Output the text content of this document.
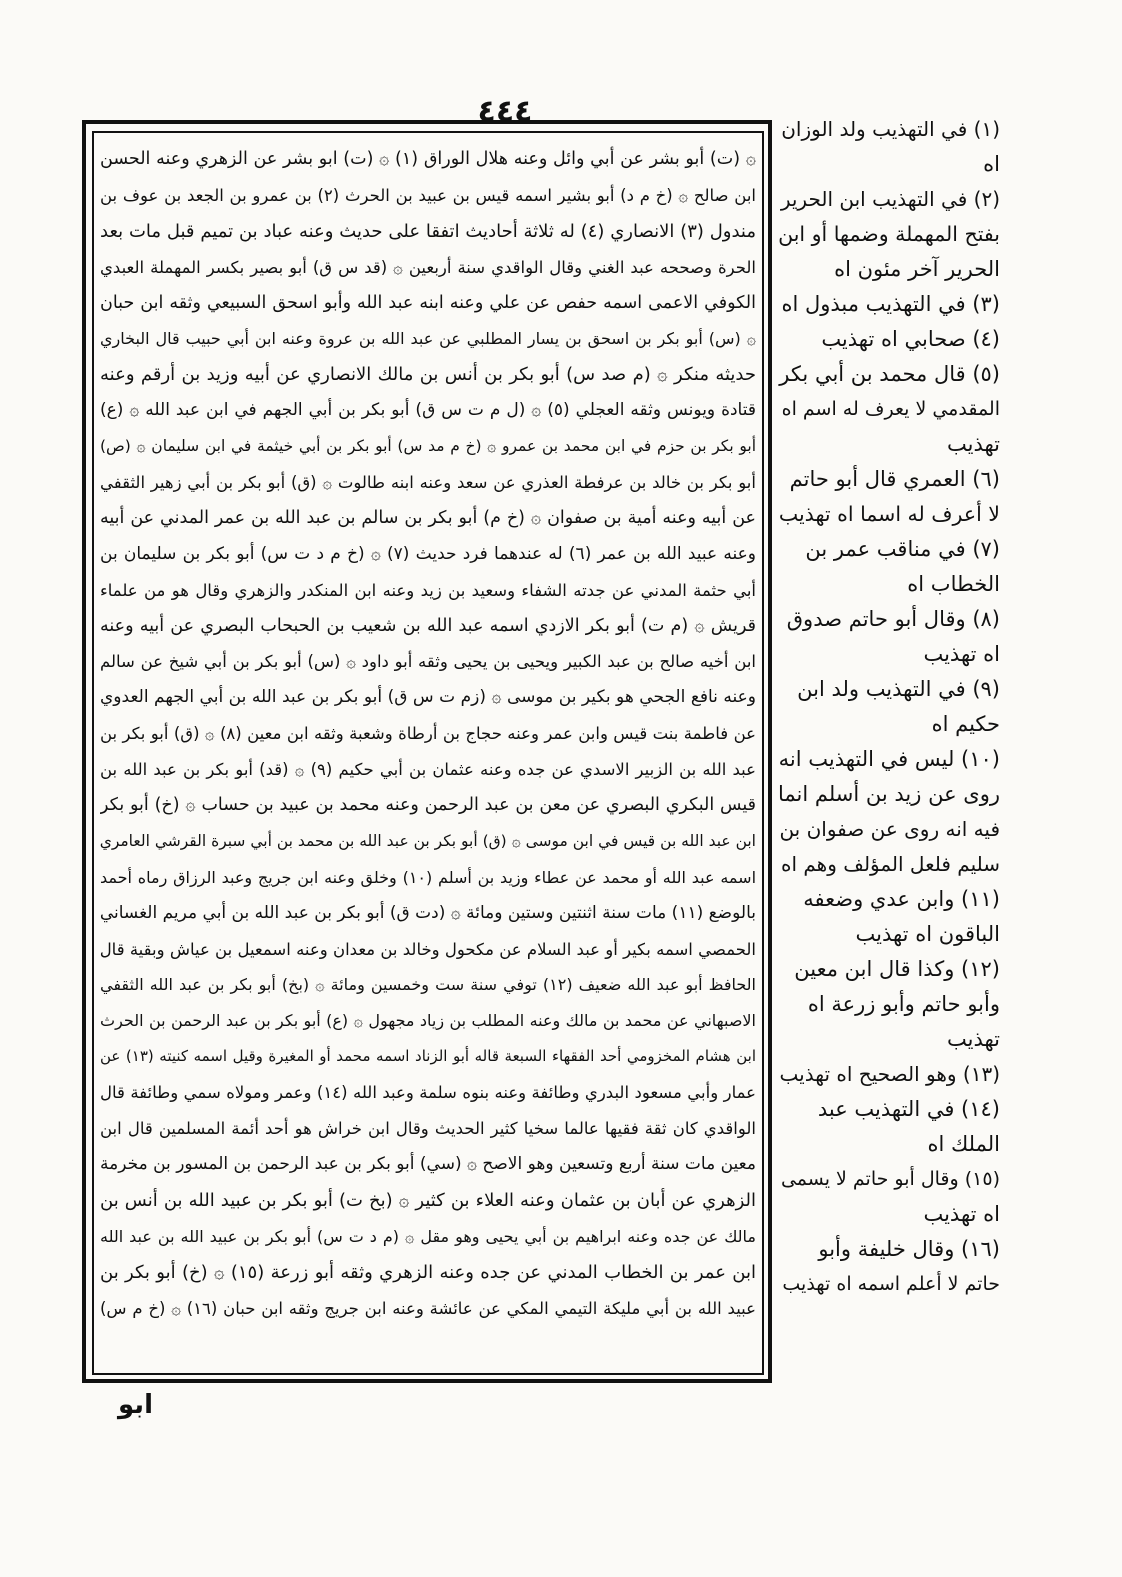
٤٤٤
۞ (ت) أبو بشر عن أبي وائل وعنه هلال الوراق (١) ۞ (ت) ابو بشر عن الزهري وعنه الحسن
ابن صالح ۞ (خ م د) أبو بشير اسمه قيس بن عبيد بن الحرث (٢) بن عمرو بن الجعد بن عوف بن
مندول (٣) الانصاري (٤) له ثلاثة أحاديث اتفقا على حديث وعنه عباد بن تميم قبل مات بعد
الحرة وصححه عبد الغني وقال الواقدي سنة أربعين ۞ (قد س ق) أبو بصير بكسر المهملة العبدي
الكوفي الاعمى اسمه حفص عن علي وعنه ابنه عبد الله وأبو اسحق السبيعي وثقه ابن حبان
۞ (س) أبو بكر بن اسحق بن يسار المطلبي عن عبد الله بن عروة وعنه ابن أبي حبيب قال البخاري
حديثه منكر ۞ (م صد س) أبو بكر بن أنس بن مالك الانصاري عن أبيه وزيد بن أرقم وعنه
قتادة ويونس وثقه العجلي (٥) ۞ (ل م ت س ق) أبو بكر بن أبي الجهم في ابن عبد الله ۞ (ع)
أبو بكر بن حزم في ابن محمد بن عمرو ۞ (خ م مد س) أبو بكر بن أبي خيثمة في ابن سليمان ۞ (ص)
أبو بكر بن خالد بن عرفطة العذري عن سعد وعنه ابنه طالوت ۞ (ق) أبو بكر بن أبي زهير الثقفي
عن أبيه وعنه أمية بن صفوان ۞ (خ م) أبو بكر بن سالم بن عبد الله بن عمر المدني عن أبيه
وعنه عبيد الله بن عمر (٦) له عندهما فرد حديث (٧) ۞ (خ م د ت س) أبو بكر بن سليمان بن
أبي حثمة المدني عن جدته الشفاء وسعيد بن زيد وعنه ابن المنكدر والزهري وقال هو من علماء
قريش ۞ (م ت) أبو بكر الازدي اسمه عبد الله بن شعيب بن الحبحاب البصري عن أبيه وعنه
ابن أخيه صالح بن عبد الكبير ويحيى بن يحيى وثقه أبو داود ۞ (س) أبو بكر بن أبي شيخ عن سالم
وعنه نافع الجحي هو بكير بن موسى ۞ (زم ت س ق) أبو بكر بن عبد الله بن أبي الجهم العدوي
عن فاطمة بنت قيس وابن عمر وعنه حجاج بن أرطاة وشعبة وثقه ابن معين (٨) ۞ (ق) أبو بكر بن
عبد الله بن الزبير الاسدي عن جده وعنه عثمان بن أبي حكيم (٩) ۞ (قد) أبو بكر بن عبد الله بن
قيس البكري البصري عن معن بن عبد الرحمن وعنه محمد بن عبيد بن حساب ۞ (خ) أبو بكر
ابن عبد الله بن قيس في ابن موسى ۞ (ق) أبو بكر بن عبد الله بن محمد بن أبي سبرة القرشي العامري
اسمه عبد الله أو محمد عن عطاء وزيد بن أسلم (١٠) وخلق وعنه ابن جريج وعبد الرزاق رماه أحمد
بالوضع (١١) مات سنة اثنتين وستين ومائة ۞ (دت ق) أبو بكر بن عبد الله بن أبي مريم الغساني
الحمصي اسمه بكير أو عبد السلام عن مكحول وخالد بن معدان وعنه اسمعيل بن عياش وبقية قال
الحافظ أبو عبد الله ضعيف (١٢) توفي سنة ست وخمسين ومائة ۞ (بخ) أبو بكر بن عبد الله الثقفي
الاصبهاني عن محمد بن مالك وعنه المطلب بن زياد مجهول ۞ (ع) أبو بكر بن عبد الرحمن بن الحرث
ابن هشام المخزومي أحد الفقهاء السبعة قاله أبو الزناد اسمه محمد أو المغيرة وقيل اسمه كنيته (١٣) عن
عمار وأبي مسعود البدري وطائفة وعنه بنوه سلمة وعبد الله (١٤) وعمر ومولاه سمي وطائفة قال
الواقدي كان ثقة فقيها عالما سخيا كثير الحديث وقال ابن خراش هو أحد أئمة المسلمين قال ابن
معين مات سنة أربع وتسعين وهو الاصح ۞ (سي) أبو بكر بن عبد الرحمن بن المسور بن مخرمة
الزهري عن أبان بن عثمان وعنه العلاء بن كثير ۞ (بخ ت) أبو بكر بن عبيد الله بن أنس بن
مالك عن جده وعنه ابراهيم بن أبي يحيى وهو مقل ۞ (م د ت س) أبو بكر بن عبيد الله بن عبد الله
ابن عمر بن الخطاب المدني عن جده وعنه الزهري وثقه أبو زرعة (١٥) ۞ (خ) أبو بكر بن
عبيد الله بن أبي مليكة التيمي المكي عن عائشة وعنه ابن جريج وثقه ابن حبان (١٦) ۞ (خ م س)
(١) في التهذيب ولد الوزان
اه
(٢) في التهذيب ابن الحرير
بفتح المهملة وضمها أو ابن
الحرير آخر مئون اه
(٣) في التهذيب مبذول اه
(٤) صحابي اه تهذيب
(٥) قال محمد بن أبي بكر
المقدمي لا يعرف له اسم اه
تهذيب
(٦) العمري قال أبو حاتم
لا أعرف له اسما اه تهذيب
(٧) في مناقب عمر بن
الخطاب اه
(٨) وقال أبو حاتم صدوق
اه تهذيب
(٩) في التهذيب ولد ابن
حكيم اه
(١٠) ليس في التهذيب انه
روى عن زيد بن أسلم انما
فيه انه روى عن صفوان بن
سليم فلعل المؤلف وهم اه
(١١) وابن عدي وضعفه
الباقون اه تهذيب
(١٢) وكذا قال ابن معين
وأبو حاتم وأبو زرعة اه
تهذيب
(١٣) وهو الصحيح اه تهذيب
(١٤) في التهذيب عبد
الملك اه
(١٥) وقال أبو حاتم لا يسمى
اه تهذيب
(١٦) وقال خليفة وأبو
حاتم لا أعلم اسمه اه تهذيب
ابو
